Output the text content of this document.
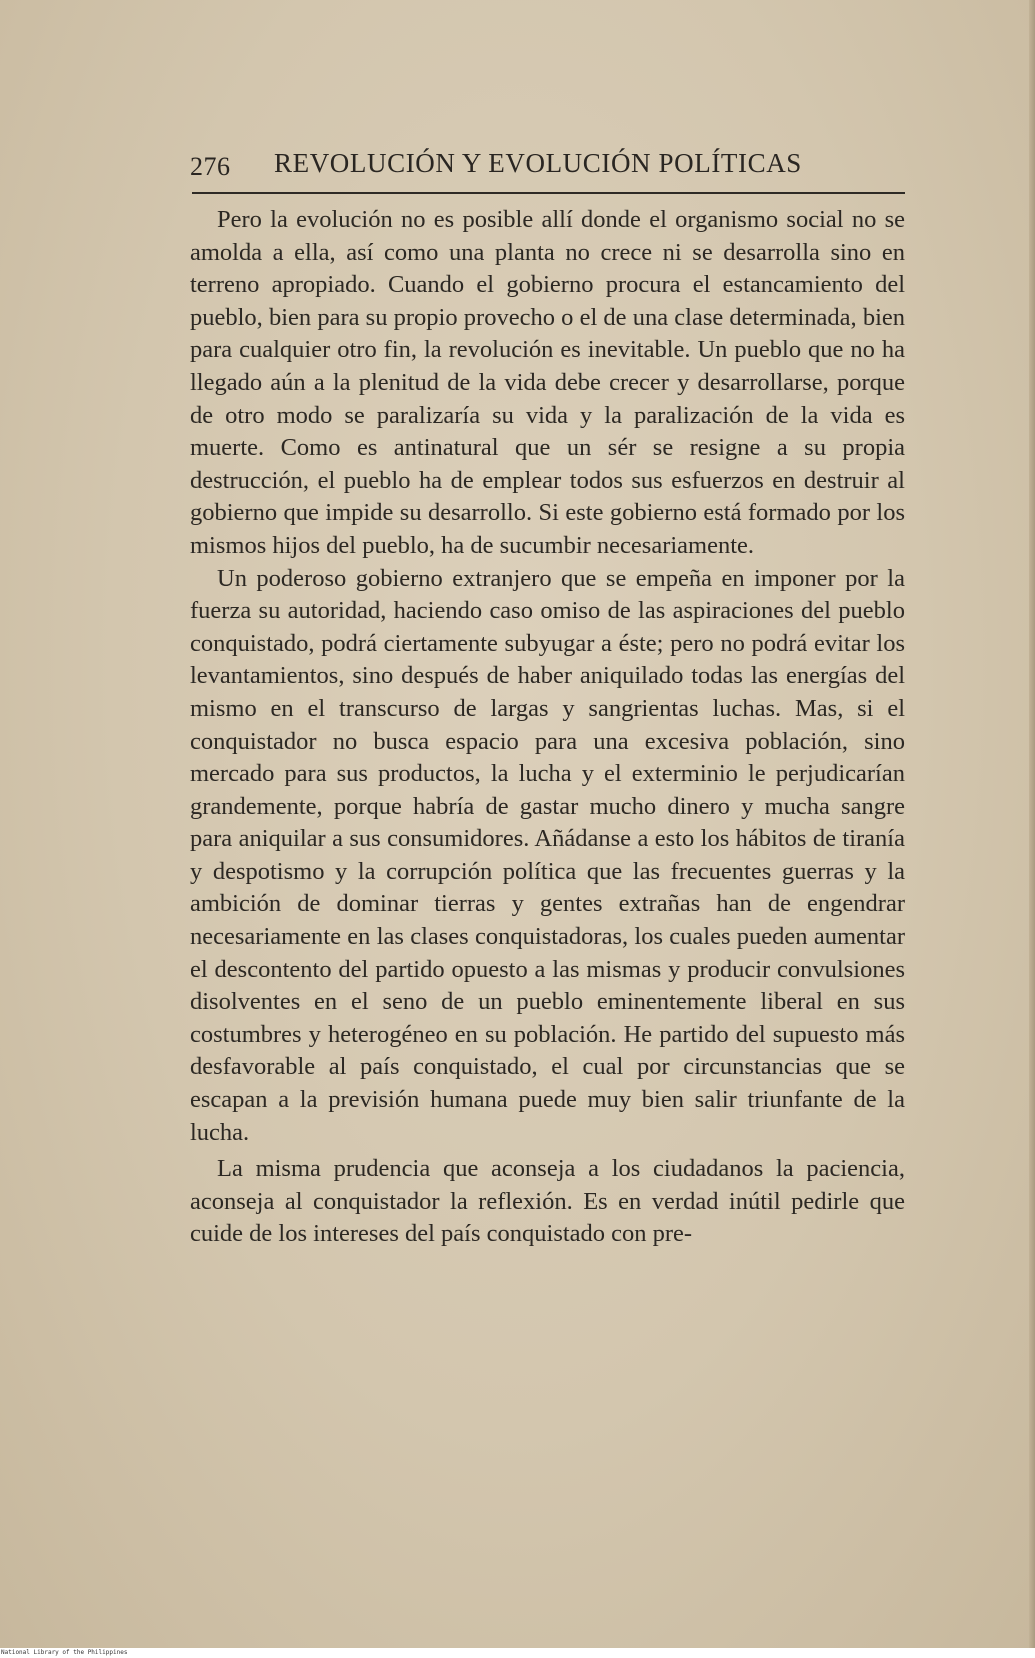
276 REVOLUCIÓN Y EVOLUCIÓN POLÍTICAS

Pero la evolución no es posible allí donde el organismo social no se amolda a ella, así como una planta no crece ni se desarrolla sino en terreno apropiado. Cuando el gobierno procura el estancamiento del pueblo, bien para su propio provecho o el de una clase determinada, bien para cualquier otro fin, la revolución es inevitable. Un pueblo que no ha llegado aún a la plenitud de la vida debe crecer y desarrollarse, porque de otro modo se paralizaría su vida y la paralización de la vida es muerte. Como es antinatural que un sér se resigne a su propia destrucción, el pueblo ha de emplear todos sus esfuerzos en destruir al gobierno que impide su desarrollo. Si este gobierno está formado por los mismos hijos del pueblo, ha de sucumbir necesariamente.

Un poderoso gobierno extranjero que se empeña en imponer por la fuerza su autoridad, haciendo caso omiso de las aspiraciones del pueblo conquistado, podrá ciertamente subyugar a éste; pero no podrá evitar los levantamientos, sino después de haber aniquilado todas las energías del mismo en el transcurso de largas y sangrientas luchas. Mas, si el conquistador no busca espacio para una excesiva población, sino mercado para sus productos, la lucha y el exterminio le perjudicarían grandemente, porque habría de gastar mucho dinero y mucha sangre para aniquilar a sus consumidores. Añádanse a esto los hábitos de tiranía y despotismo y la corrupción política que las frecuentes guerras y la ambición de dominar tierras y gentes extrañas han de engendrar necesariamente en las clases conquistadoras, los cuales pueden aumentar el descontento del partido opuesto a las mismas y producir convulsiones disolventes en el seno de un pueblo eminentemente liberal en sus costumbres y heterogéneo en su población. He partido del supuesto más desfavorable al país conquistado, el cual por circunstancias que se escapan a la previsión humana puede muy bien salir triunfante de la lucha.

La misma prudencia que aconseja a los ciudadanos la paciencia, aconseja al conquistador la reflexión. Es en verdad inútil pedirle que cuide de los intereses del país conquistado con pre-

National Library of the Philippines
